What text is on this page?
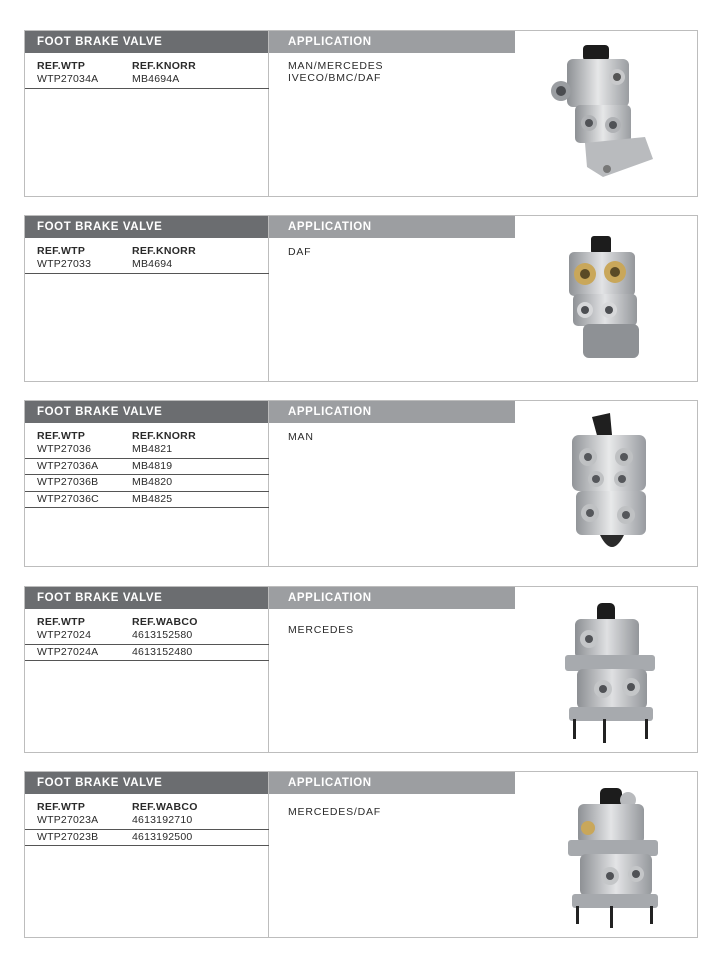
FOOT BRAKE VALVE	APPLICATION
REF.WTP	REF.KNORR
WTP27034A	MB4694A
MAN/MERCEDES
IVECO/BMC/DAF
FOOT BRAKE VALVE	APPLICATION
REF.WTP	REF.KNORR
WTP27033	MB4694
DAF
FOOT BRAKE VALVE	APPLICATION
REF.WTP	REF.KNORR
WTP27036	MB4821
WTP27036A	MB4819
WTP27036B	MB4820
WTP27036C	MB4825
MAN
FOOT BRAKE VALVE	APPLICATION
REF.WTP	REF.WABCO
WTP27024	4613152580
WTP27024A	4613152480
MERCEDES
FOOT BRAKE VALVE	APPLICATION
REF.WTP	REF.WABCO
WTP27023A	4613192710
WTP27023B	4613192500
MERCEDES/DAF
